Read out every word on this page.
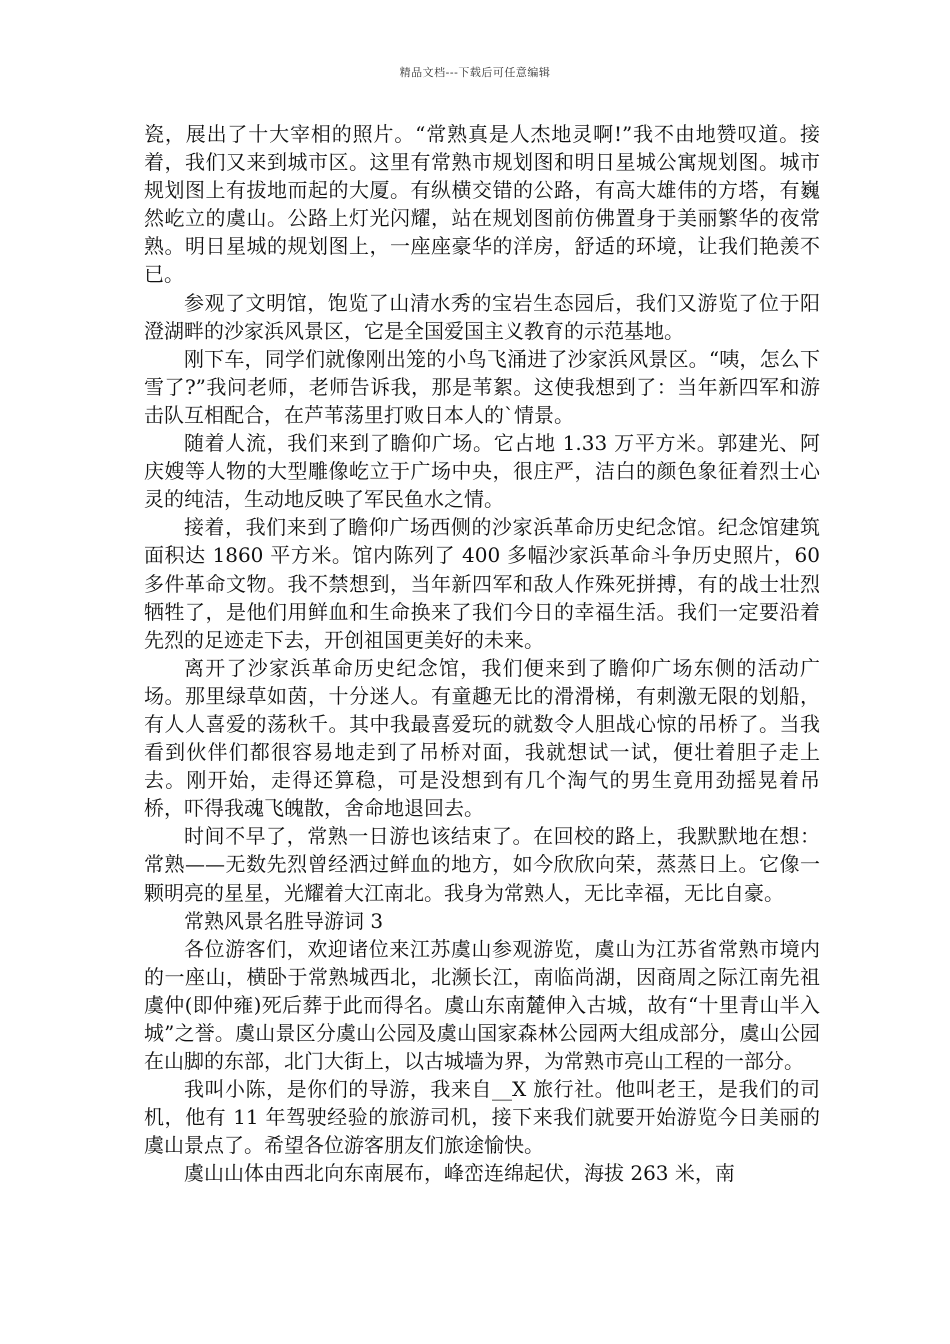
精品文档---下载后可任意编辑

瓷，展出了十大宰相的照片。“常熟真是人杰地灵啊!”我不由地赞叹道。接着，我们又来到城市区。这里有常熟市规划图和明日星城公寓规划图。城市规划图上有拔地而起的大厦。有纵横交错的公路，有高大雄伟的方塔，有巍然屹立的虞山。公路上灯光闪耀，站在规划图前仿佛置身于美丽繁华的夜常熟。明日星城的规划图上，一座座豪华的洋房，舒适的环境，让我们艳羡不已。

参观了文明馆，饱览了山清水秀的宝岩生态园后，我们又游览了位于阳澄湖畔的沙家浜风景区，它是全国爱国主义教育的示范基地。

刚下车，同学们就像刚出笼的小鸟飞涌进了沙家浜风景区。“咦，怎么下雪了?”我问老师，老师告诉我，那是苇絮。这使我想到了：当年新四军和游击队互相配合，在芦苇荡里打败日本人的`情景。

随着人流，我们来到了瞻仰广场。它占地 1.33 万平方米。郭建光、阿庆嫂等人物的大型雕像屹立于广场中央，很庄严，洁白的颜色象征着烈士心灵的纯洁，生动地反映了军民鱼水之情。

接着，我们来到了瞻仰广场西侧的沙家浜革命历史纪念馆。纪念馆建筑面积达 1860 平方米。馆内陈列了 400 多幅沙家浜革命斗争历史照片，60 多件革命文物。我不禁想到，当年新四军和敌人作殊死拼搏，有的战士壮烈牺牲了，是他们用鲜血和生命换来了我们今日的幸福生活。我们一定要沿着先烈的足迹走下去，开创祖国更美好的未来。

离开了沙家浜革命历史纪念馆，我们便来到了瞻仰广场东侧的活动广场。那里绿草如茵，十分迷人。有童趣无比的滑滑梯，有刺激无限的划船，有人人喜爱的荡秋千。其中我最喜爱玩的就数令人胆战心惊的吊桥了。当我看到伙伴们都很容易地走到了吊桥对面，我就想试一试，便壮着胆子走上去。刚开始，走得还算稳，可是没想到有几个淘气的男生竟用劲摇晃着吊桥，吓得我魂飞魄散，舍命地退回去。

时间不早了，常熟一日游也该结束了。在回校的路上，我默默地在想：常熟——无数先烈曾经洒过鲜血的地方，如今欣欣向荣，蒸蒸日上。它像一颗明亮的星星，光耀着大江南北。我身为常熟人，无比幸福，无比自豪。

常熟风景名胜导游词 3

各位游客们，欢迎诸位来江苏虞山参观游览，虞山为江苏省常熟市境内的一座山，横卧于常熟城西北，北濒长江，南临尚湖，因商周之际江南先祖虞仲(即仲雍)死后葬于此而得名。虞山东南麓伸入古城，故有“十里青山半入城”之誉。虞山景区分虞山公园及虞山国家森林公园两大组成部分，虞山公园在山脚的东部，北门大街上，以古城墙为界，为常熟市亮山工程的一部分。

我叫小陈，是你们的导游，我来自__X 旅行社。他叫老王，是我们的司机，他有 11 年驾驶经验的旅游司机，接下来我们就要开始游览今日美丽的虞山景点了。希望各位游客朋友们旅途愉快。

虞山山体由西北向东南展布，峰峦连绵起伏，海拔 263 米，南
